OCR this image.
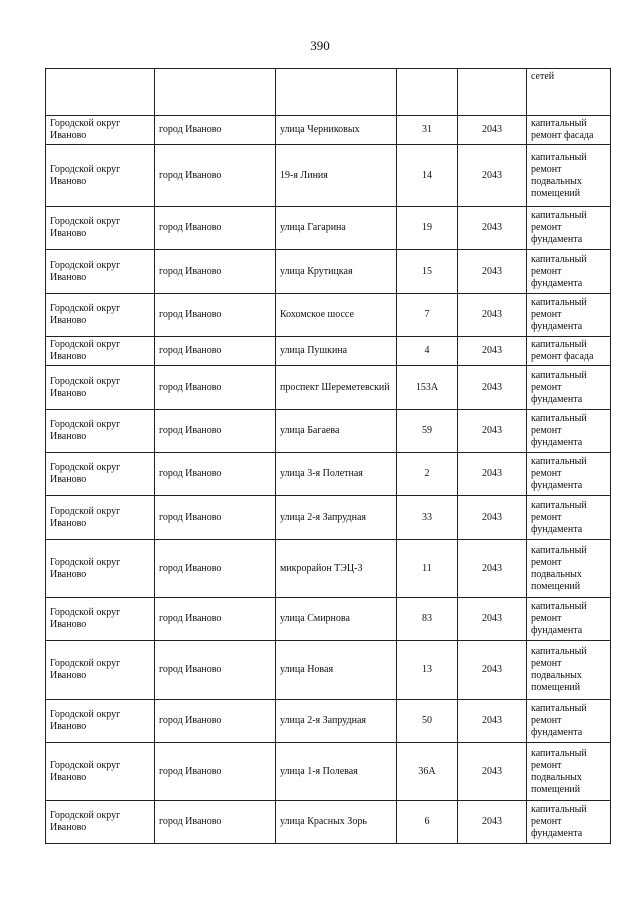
390
					сетей
Городской округ Иваново	город Иваново	улица Черниковых	31	2043	капитальный ремонт фасада
Городской округ Иваново	город Иваново	19-я Линия	14	2043	капитальный ремонт подвальных помещений
Городской округ Иваново	город Иваново	улица Гагарина	19	2043	капитальный ремонт фундамента
Городской округ Иваново	город Иваново	улица Крутицкая	15	2043	капитальный ремонт фундамента
Городской округ Иваново	город Иваново	Кохомское шоссе	7	2043	капитальный ремонт фундамента
Городской округ Иваново	город Иваново	улица Пушкина	4	2043	капитальный ремонт фасада
Городской округ Иваново	город Иваново	проспект Шереметевский	153А	2043	капитальный ремонт фундамента
Городской округ Иваново	город Иваново	улица Багаева	59	2043	капитальный ремонт фундамента
Городской округ Иваново	город Иваново	улица 3-я Полетная	2	2043	капитальный ремонт фундамента
Городской округ Иваново	город Иваново	улица 2-я Запрудная	33	2043	капитальный ремонт фундамента
Городской округ Иваново	город Иваново	микрорайон ТЭЦ-3	11	2043	капитальный ремонт подвальных помещений
Городской округ Иваново	город Иваново	улица Смирнова	83	2043	капитальный ремонт фундамента
Городской округ Иваново	город Иваново	улица Новая	13	2043	капитальный ремонт подвальных помещений
Городской округ Иваново	город Иваново	улица 2-я Запрудная	50	2043	капитальный ремонт фундамента
Городской округ Иваново	город Иваново	улица 1-я Полевая	36А	2043	капитальный ремонт подвальных помещений
Городской округ Иваново	город Иваново	улица Красных Зорь	6	2043	капитальный ремонт фундамента
